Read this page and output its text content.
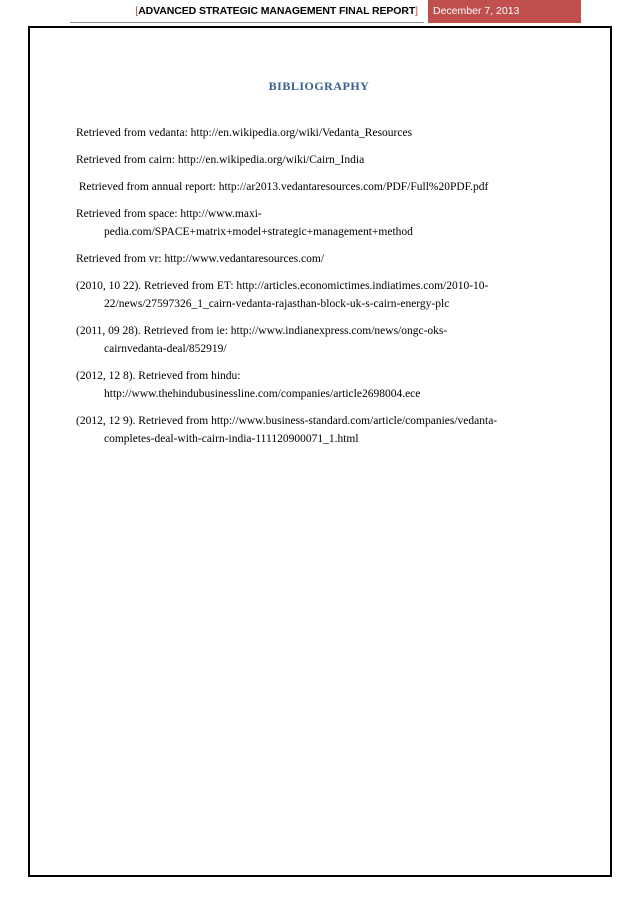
[ADVANCED STRATEGIC MANAGEMENT FINAL REPORT]	December 7, 2013
BIBLIOGRAPHY
Retrieved from vedanta: http://en.wikipedia.org/wiki/Vedanta_Resources
Retrieved from cairn: http://en.wikipedia.org/wiki/Cairn_India
Retrieved from annual report: http://ar2013.vedantaresources.com/PDF/Full%20PDF.pdf
Retrieved from space: http://www.maxi-
pedia.com/SPACE+matrix+model+strategic+management+method
Retrieved from vr: http://www.vedantaresources.com/
(2010, 10 22). Retrieved from ET: http://articles.economictimes.indiatimes.com/2010-10-
22/news/27597326_1_cairn-vedanta-rajasthan-block-uk-s-cairn-energy-plc
(2011, 09 28). Retrieved from ie: http://www.indianexpress.com/news/ongc-oks-
cairnvedanta-deal/852919/
(2012, 12 8). Retrieved from hindu:
http://www.thehindubusinessline.com/companies/article2698004.ece
(2012, 12 9). Retrieved from http://www.business-standard.com/article/companies/vedanta-
completes-deal-with-cairn-india-111120900071_1.html
